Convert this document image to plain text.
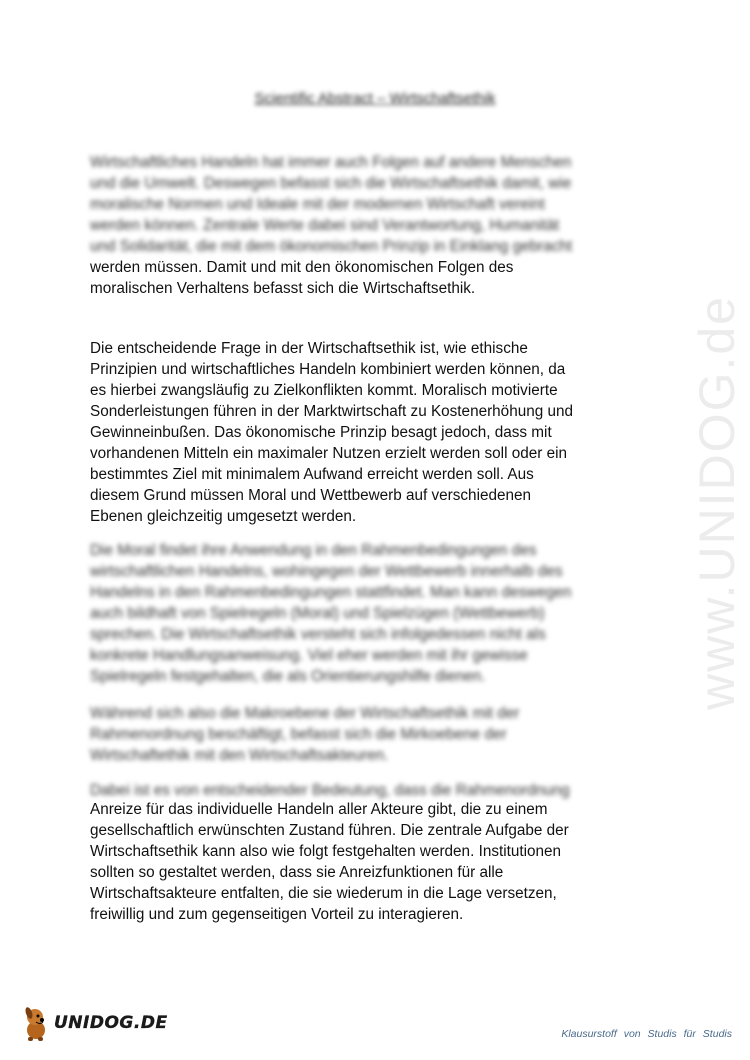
www.UNIDOG.de
Scientific Abstract – Wirtschaftsethik
Wirtschaftliches Handeln hat immer auch Folgen auf andere Menschen
und die Umwelt. Deswegen befasst sich die Wirtschaftsethik damit, wie
moralische Normen und Ideale mit der modernen Wirtschaft vereint
werden können. Zentrale Werte dabei sind Verantwortung, Humanität
und Solidarität, die mit dem ökonomischen Prinzip in Einklang gebracht
werden müssen. Damit und mit den ökonomischen Folgen des
moralischen Verhaltens befasst sich die Wirtschaftsethik.
Die entscheidende Frage in der Wirtschaftsethik ist, wie ethische
Prinzipien und wirtschaftliches Handeln kombiniert werden können, da
es hierbei zwangsläufig zu Zielkonflikten kommt. Moralisch motivierte
Sonderleistungen führen in der Marktwirtschaft zu Kostenerhöhung und
Gewinneinbußen. Das ökonomische Prinzip besagt jedoch, dass mit
vorhandenen Mitteln ein maximaler Nutzen erzielt werden soll oder ein
bestimmtes Ziel mit minimalem Aufwand erreicht werden soll. Aus
diesem Grund müssen Moral und Wettbewerb auf verschiedenen
Ebenen gleichzeitig umgesetzt werden.
Die Moral findet ihre Anwendung in den Rahmenbedingungen des
wirtschaftlichen Handelns, wohingegen der Wettbewerb innerhalb des
Handelns in den Rahmenbedingungen stattfindet. Man kann deswegen
auch bildhaft von Spielregeln (Moral) und Spielzügen (Wettbewerb)
sprechen. Die Wirtschaftsethik versteht sich infolgedessen nicht als
konkrete Handlungsanweisung. Viel eher werden mit ihr gewisse
Spielregeln festgehalten, die als Orientierungshilfe dienen.
Während sich also die Makroebene der Wirtschaftsethik mit der
Rahmenordnung beschäftigt, befasst sich die Mirkoebene der
Wirtschaftethik mit den Wirtschaftsakteuren.
Dabei ist es von entscheidender Bedeutung, dass die Rahmenordnung
Anreize für das individuelle Handeln aller Akteure gibt, die zu einem
gesellschaftlich erwünschten Zustand führen. Die zentrale Aufgabe der
Wirtschaftsethik kann also wie folgt festgehalten werden. Institutionen
sollten so gestaltet werden, dass sie Anreizfunktionen für alle
Wirtschaftsakteure entfalten, die sie wiederum in die Lage versetzen,
freiwillig und zum gegenseitigen Vorteil zu interagieren.
UNIDOG.DE
Klausurstoff von Studis für Studis
